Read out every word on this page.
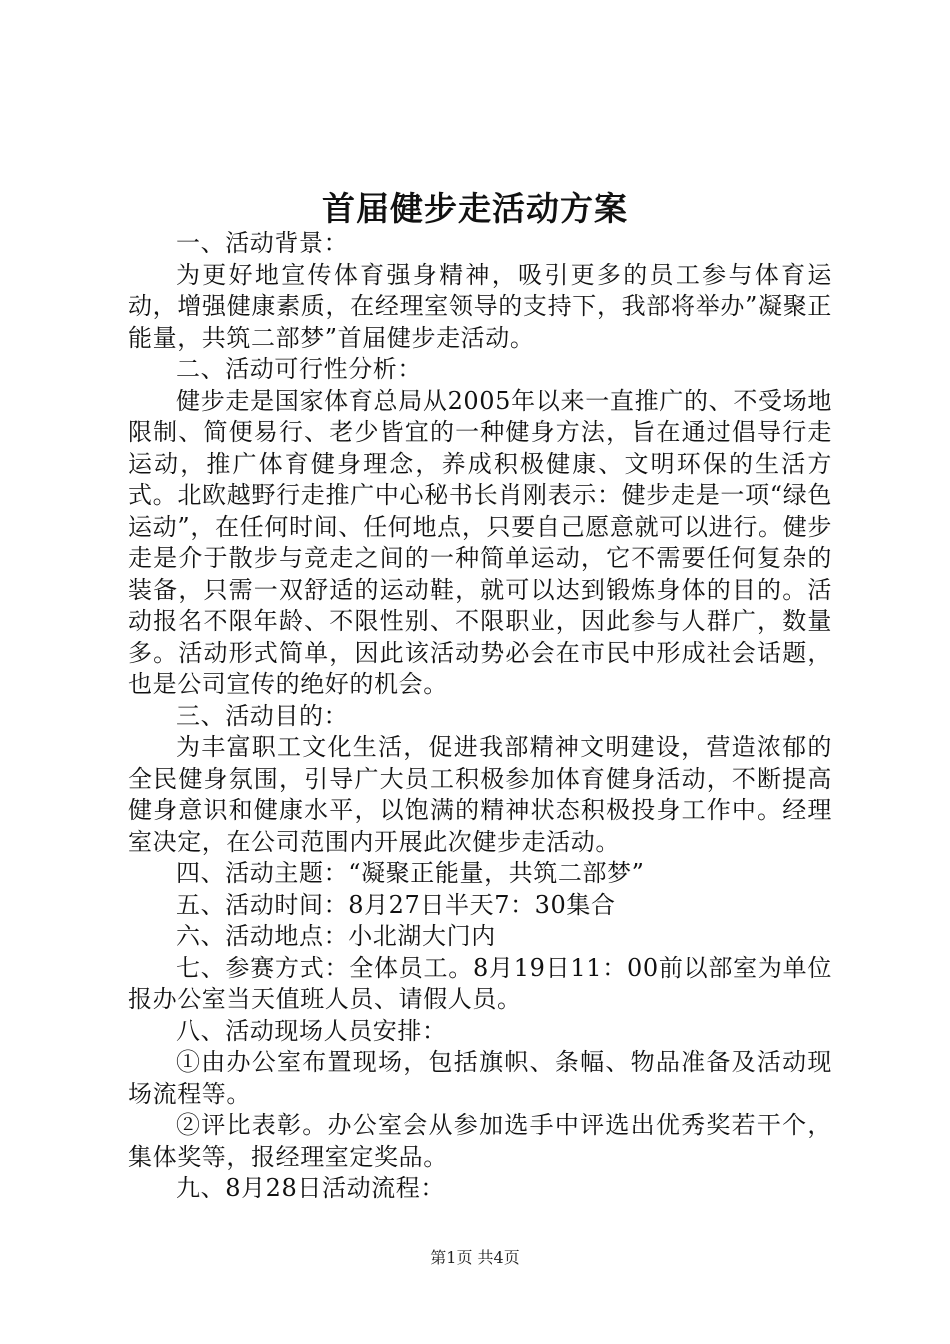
首届健步走活动方案

一、活动背景：

为更好地宣传体育强身精神，吸引更多的员工参与体育运动，增强健康素质，在经理室领导的支持下，我部将举办”凝聚正能量，共筑二部梦”首届健步走活动。

二、活动可行性分析：

健步走是国家体育总局从2005年以来一直推广的、不受场地限制、简便易行、老少皆宜的一种健身方法，旨在通过倡导行走运动，推广体育健身理念，养成积极健康、文明环保的生活方式。北欧越野行走推广中心秘书长肖刚表示：健步走是一项“绿色运动”，在任何时间、任何地点，只要自己愿意就可以进行。健步走是介于散步与竞走之间的一种简单运动，它不需要任何复杂的装备，只需一双舒适的运动鞋，就可以达到锻炼身体的目的。活动报名不限年龄、不限性别、不限职业，因此参与人群广，数量多。活动形式简单，因此该活动势必会在市民中形成社会话题，也是公司宣传的绝好的机会。

三、活动目的：

为丰富职工文化生活，促进我部精神文明建设，营造浓郁的全民健身氛围，引导广大员工积极参加体育健身活动，不断提高健身意识和健康水平，以饱满的精神状态积极投身工作中。经理室决定，在公司范围内开展此次健步走活动。

四、活动主题：“凝聚正能量，共筑二部梦”

五、活动时间：8月27日半天7：30集合

六、活动地点：小北湖大门内

七、参赛方式：全体员工。8月19日11：00前以部室为单位报办公室当天值班人员、请假人员。

八、活动现场人员安排：

①由办公室布置现场，包括旗帜、条幅、物品准备及活动现场流程等。

②评比表彰。办公室会从参加选手中评选出优秀奖若干个，集体奖等，报经理室定奖品。

九、8月28日活动流程：

第1页 共4页
